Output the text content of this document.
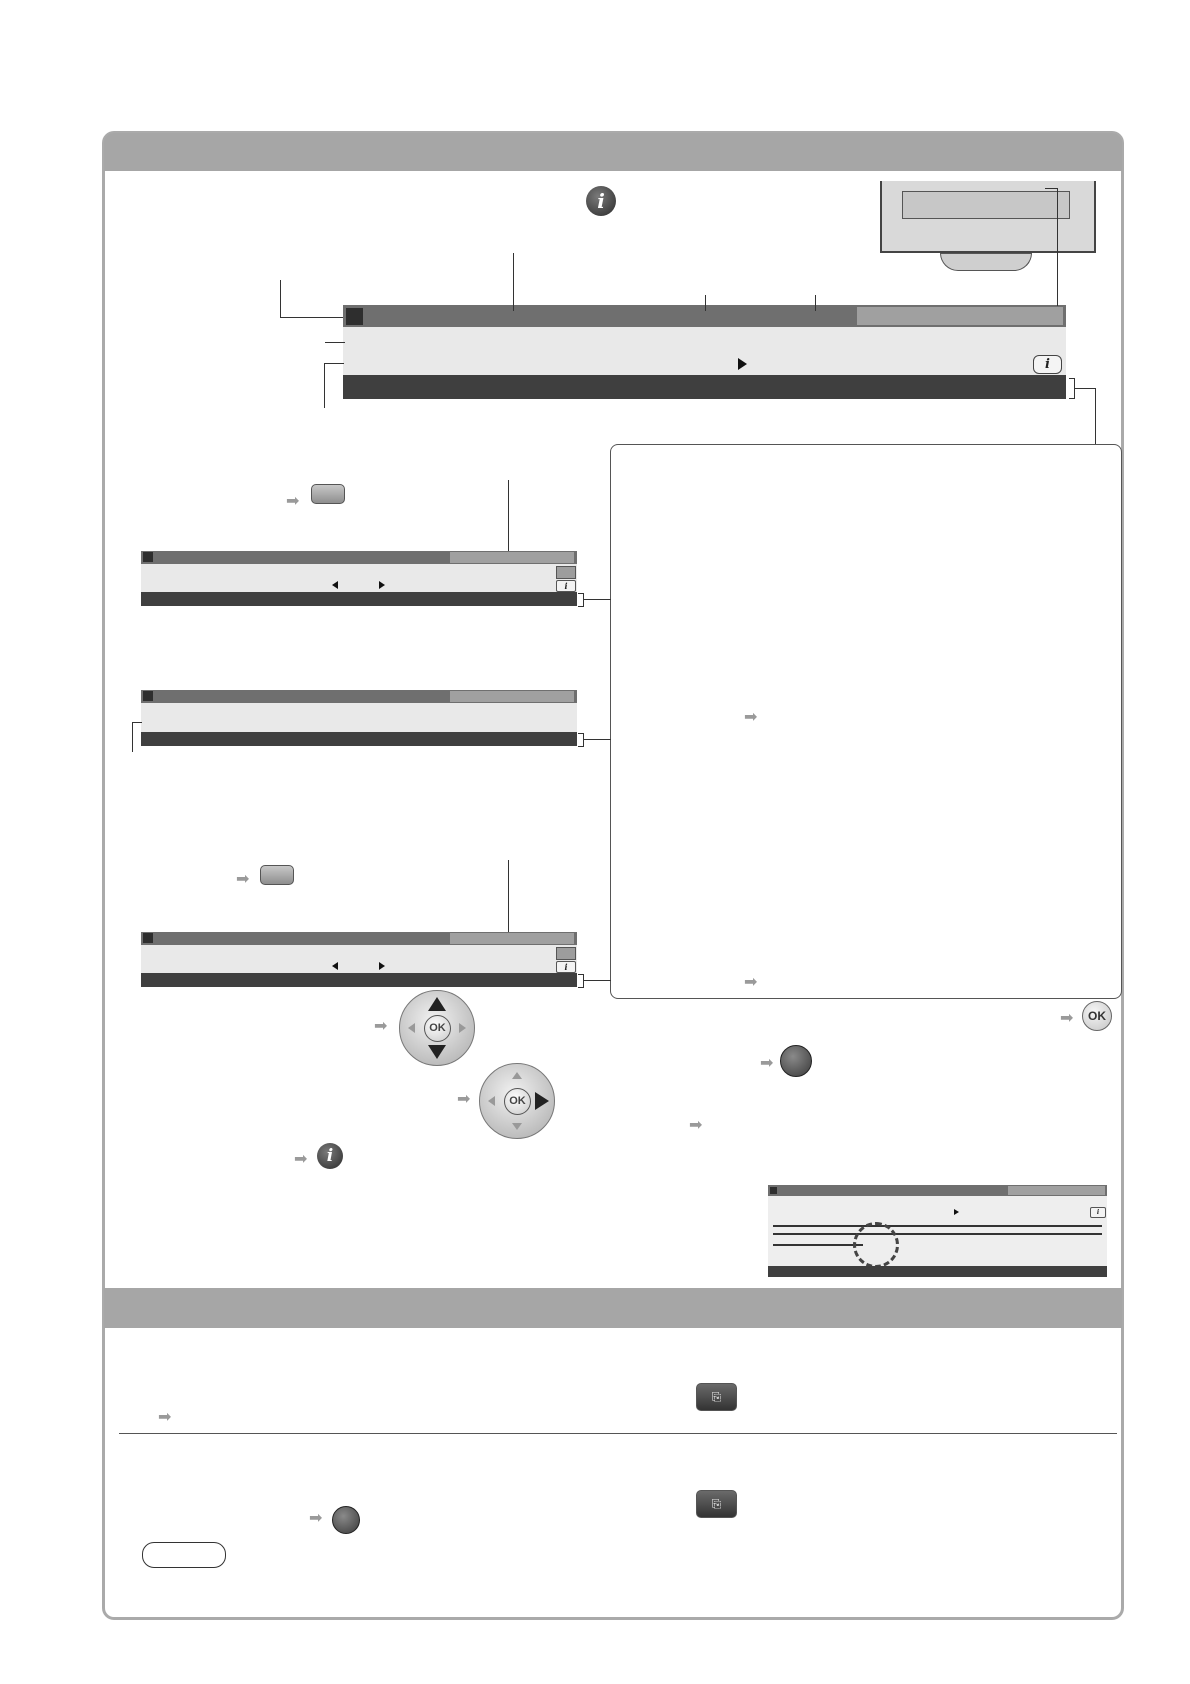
i
i
➡
➡
➡
i
➡
i
➡	OK
➡	OK
➡	i
➡	OK
➡
➡
i
⎘
➡
⎘
➡
